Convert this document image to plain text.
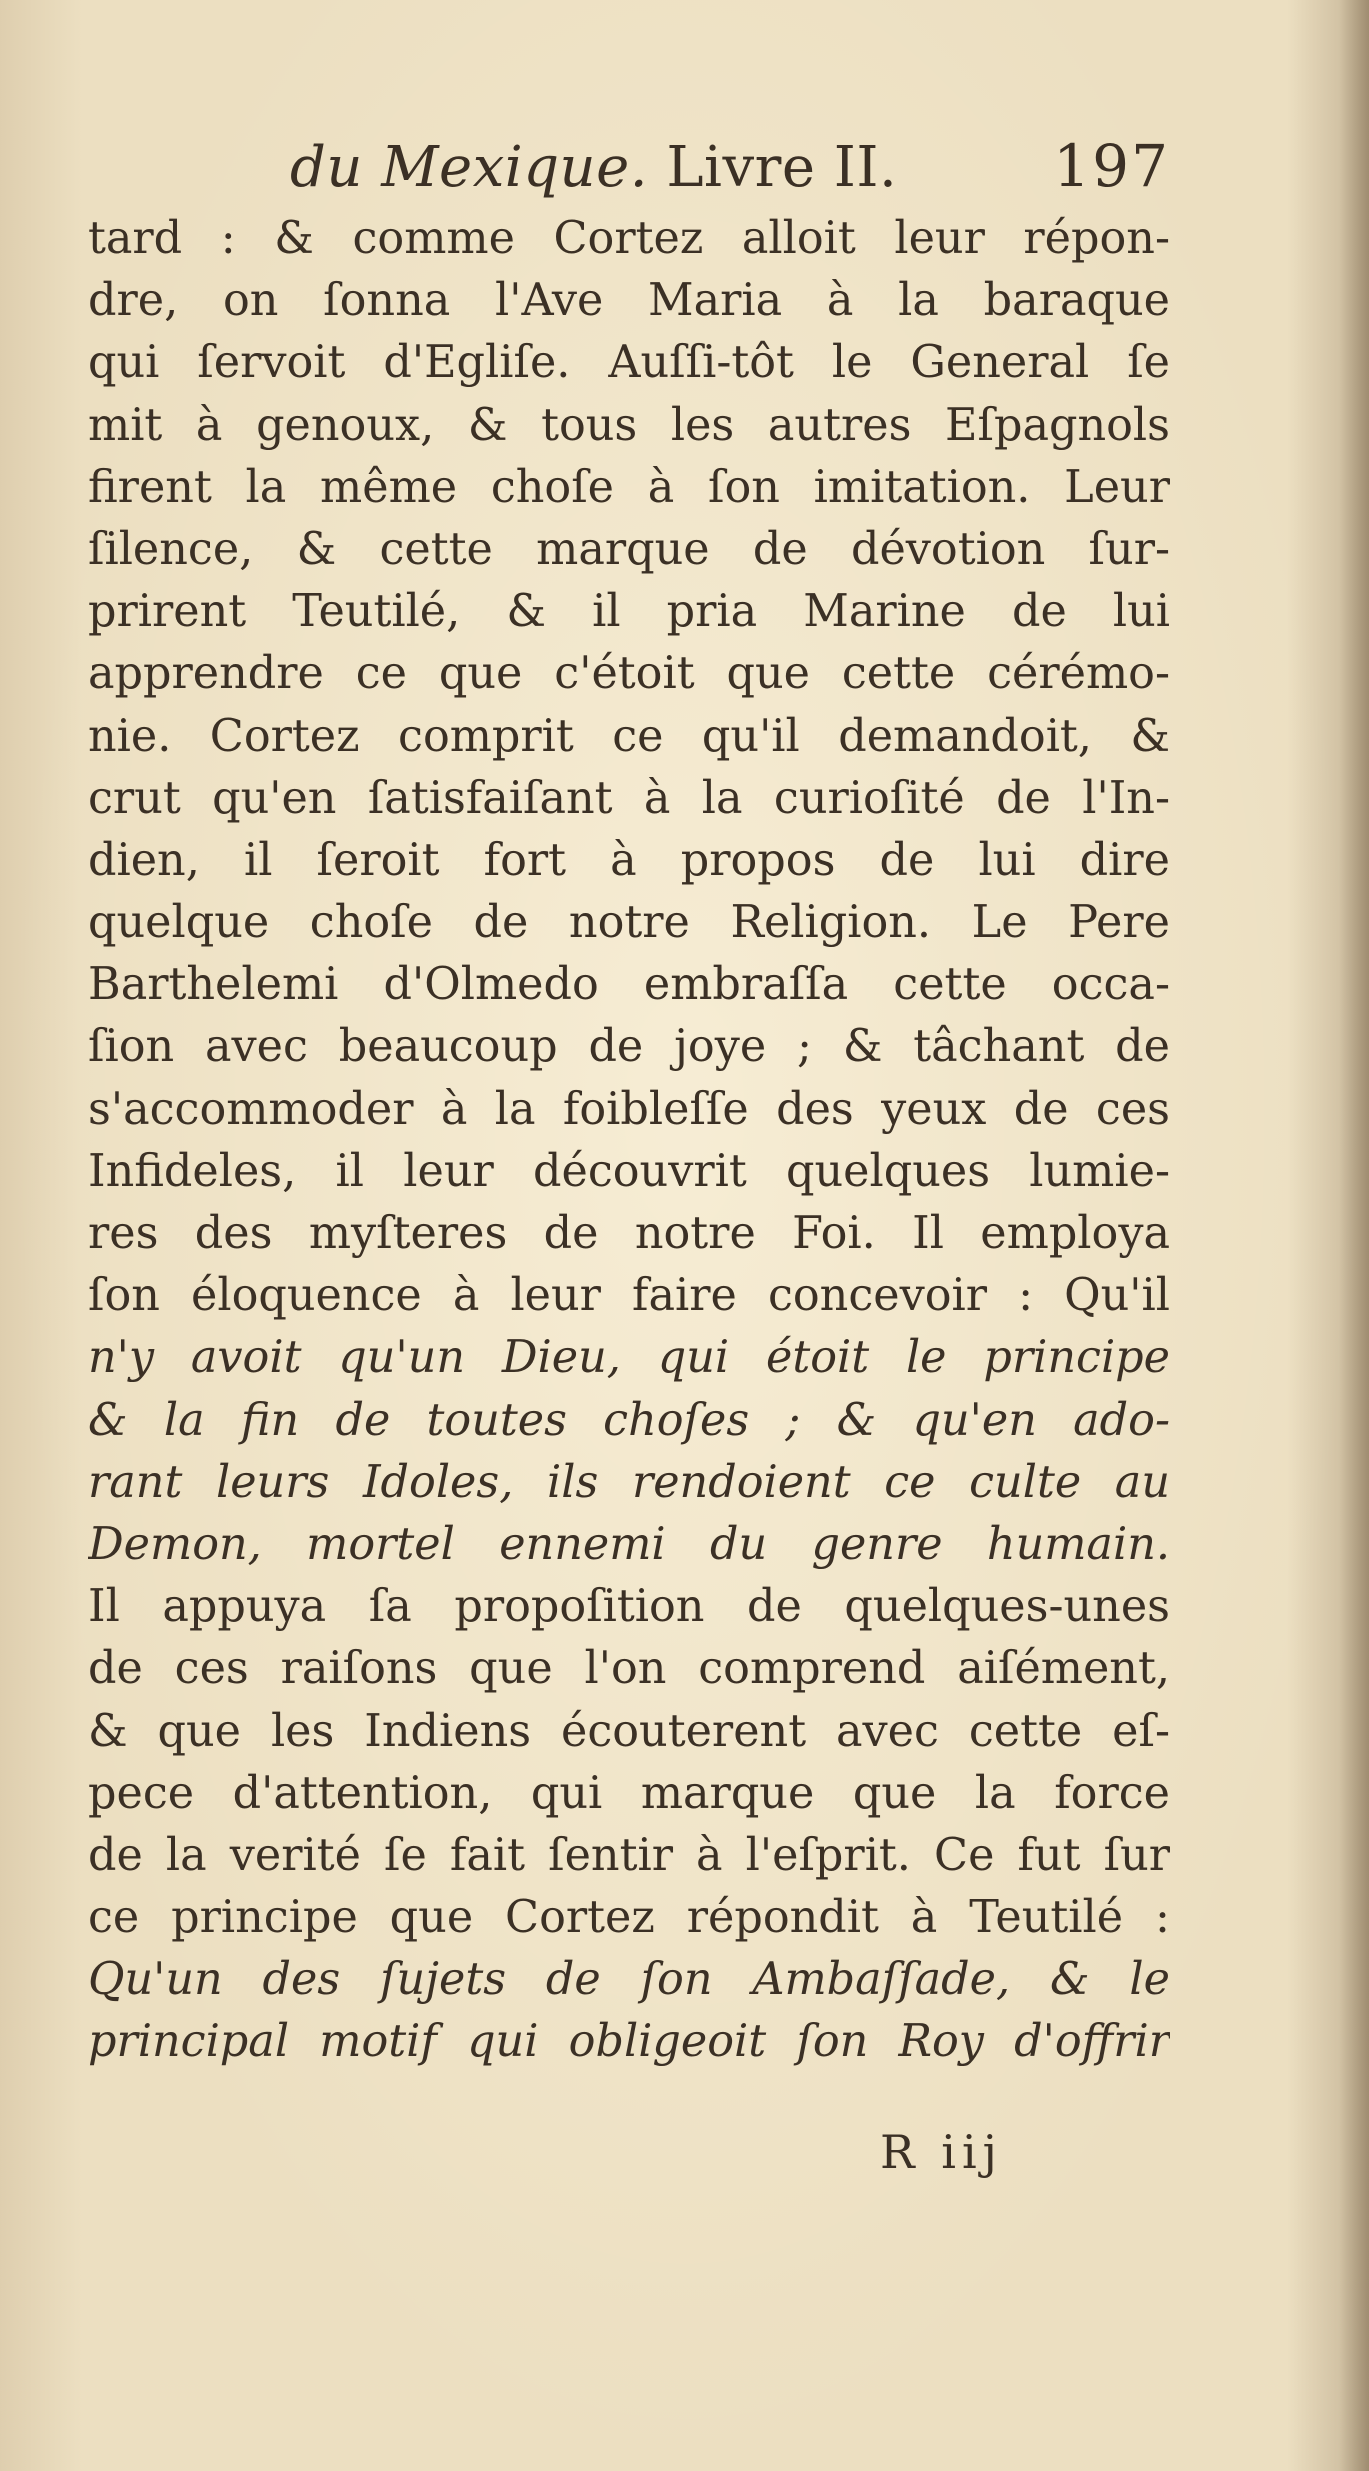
du Mexique. Livre II.	197
tard : & comme Cortez alloit leur répon-
dre, on ſonna l'Ave Maria à la baraque
qui ſervoit d'Egliſe. Auſſi-tôt le General ſe
mit à genoux, & tous les autres Eſpagnols
firent la même choſe à ſon imitation. Leur
ſilence, & cette marque de dévotion ſur-
prirent Teutilé, & il pria Marine de lui
apprendre ce que c'étoit que cette cérémo-
nie. Cortez comprit ce qu'il demandoit, &
crut qu'en ſatisfaiſant à la curioſité de l'In-
dien, il ſeroit fort à propos de lui dire
quelque choſe de notre Religion. Le Pere
Barthelemi d'Olmedo embraſſa cette occa-
ſion avec beaucoup de joye ; & tâchant de
s'accommoder à la foibleſſe des yeux de ces
Infideles, il leur découvrit quelques lumie-
res des myſteres de notre Foi. Il employa
ſon éloquence à leur faire concevoir : Qu'il
n'y avoit qu'un Dieu, qui étoit le principe
& la fin de toutes choſes ; & qu'en ado-
rant leurs Idoles, ils rendoient ce culte au
Demon, mortel ennemi du genre humain.
Il appuya ſa propoſition de quelques-unes
de ces raiſons que l'on comprend aiſément,
& que les Indiens écouterent avec cette eſ-
pece d'attention, qui marque que la force
de la verité ſe fait ſentir à l'eſprit. Ce fut ſur
ce principe que Cortez répondit à Teutilé :
Qu'un des ſujets de ſon Ambaſſade, & le
principal motif qui obligeoit ſon Roy d'offrir
R iij
